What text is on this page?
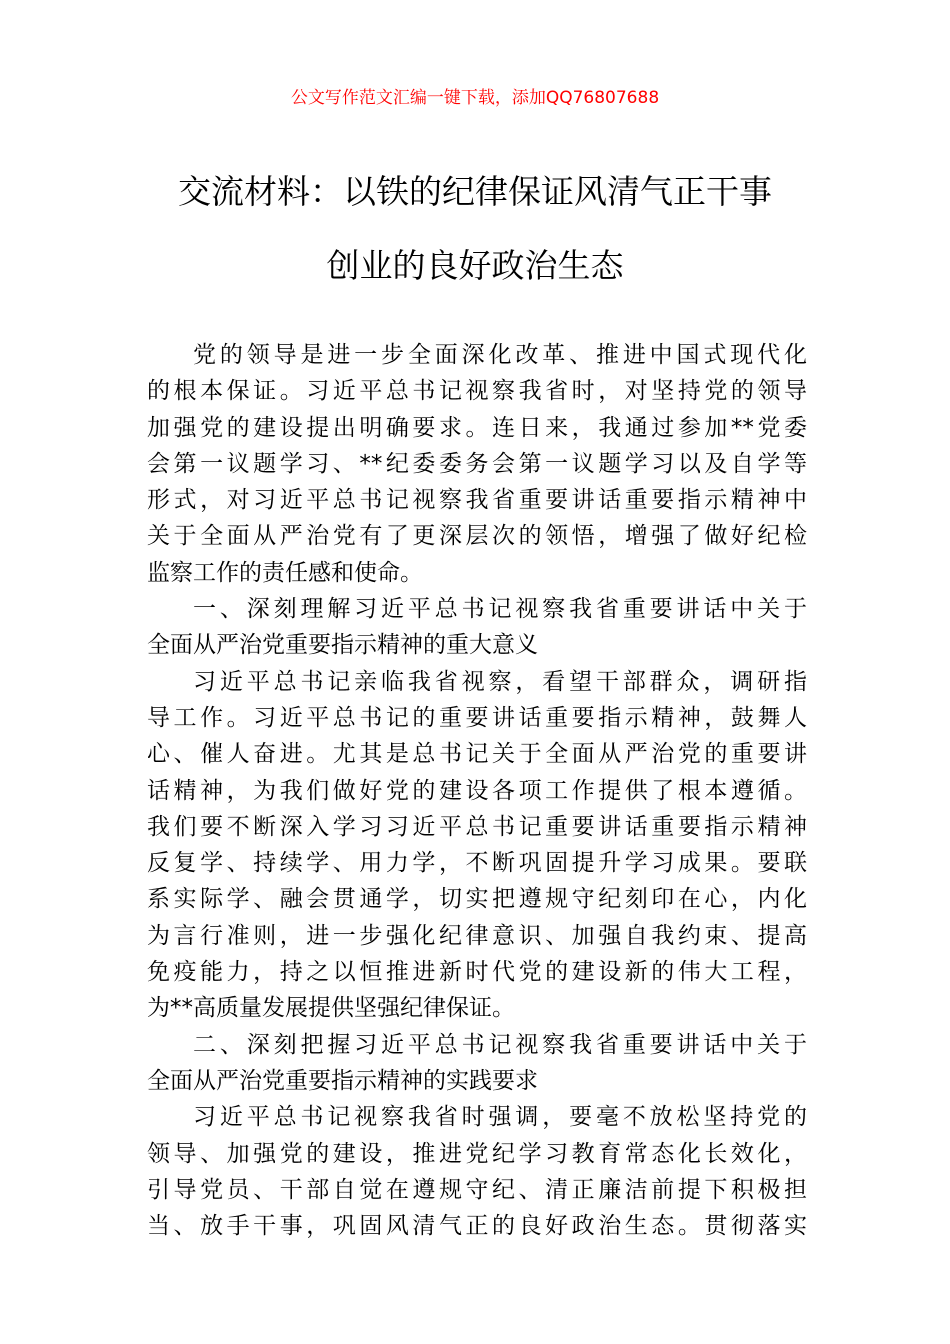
公文写作范文汇编一键下载，添加QQ76807688
交流材料：以铁的纪律保证风清气正干事
创业的良好政治生态

党的领导是进一步全面深化改革、推进中国式现代化
的根本保证。习近平总书记视察我省时，对坚持党的领导
加强党的建设提出明确要求。连日来，我通过参加**党委
会第一议题学习、**纪委委务会第一议题学习以及自学等
形式，对习近平总书记视察我省重要讲话重要指示精神中
关于全面从严治党有了更深层次的领悟，增强了做好纪检
监察工作的责任感和使命。

一、深刻理解习近平总书记视察我省重要讲话中关于
全面从严治党重要指示精神的重大意义

习近平总书记亲临我省视察，看望干部群众，调研指
导工作。习近平总书记的重要讲话重要指示精神，鼓舞人
心、催人奋进。尤其是总书记关于全面从严治党的重要讲
话精神，为我们做好党的建设各项工作提供了根本遵循。
我们要不断深入学习习近平总书记重要讲话重要指示精神
反复学、持续学、用力学，不断巩固提升学习成果。要联
系实际学、融会贯通学，切实把遵规守纪刻印在心，内化
为言行准则，进一步强化纪律意识、加强自我约束、提高
免疫能力，持之以恒推进新时代党的建设新的伟大工程，
为**高质量发展提供坚强纪律保证。

二、深刻把握习近平总书记视察我省重要讲话中关于
全面从严治党重要指示精神的实践要求

习近平总书记视察我省时强调，要毫不放松坚持党的
领导、加强党的建设，推进党纪学习教育常态化长效化，
引导党员、干部自觉在遵规守纪、清正廉洁前提下积极担
当、放手干事，巩固风清气正的良好政治生态。贯彻落实
